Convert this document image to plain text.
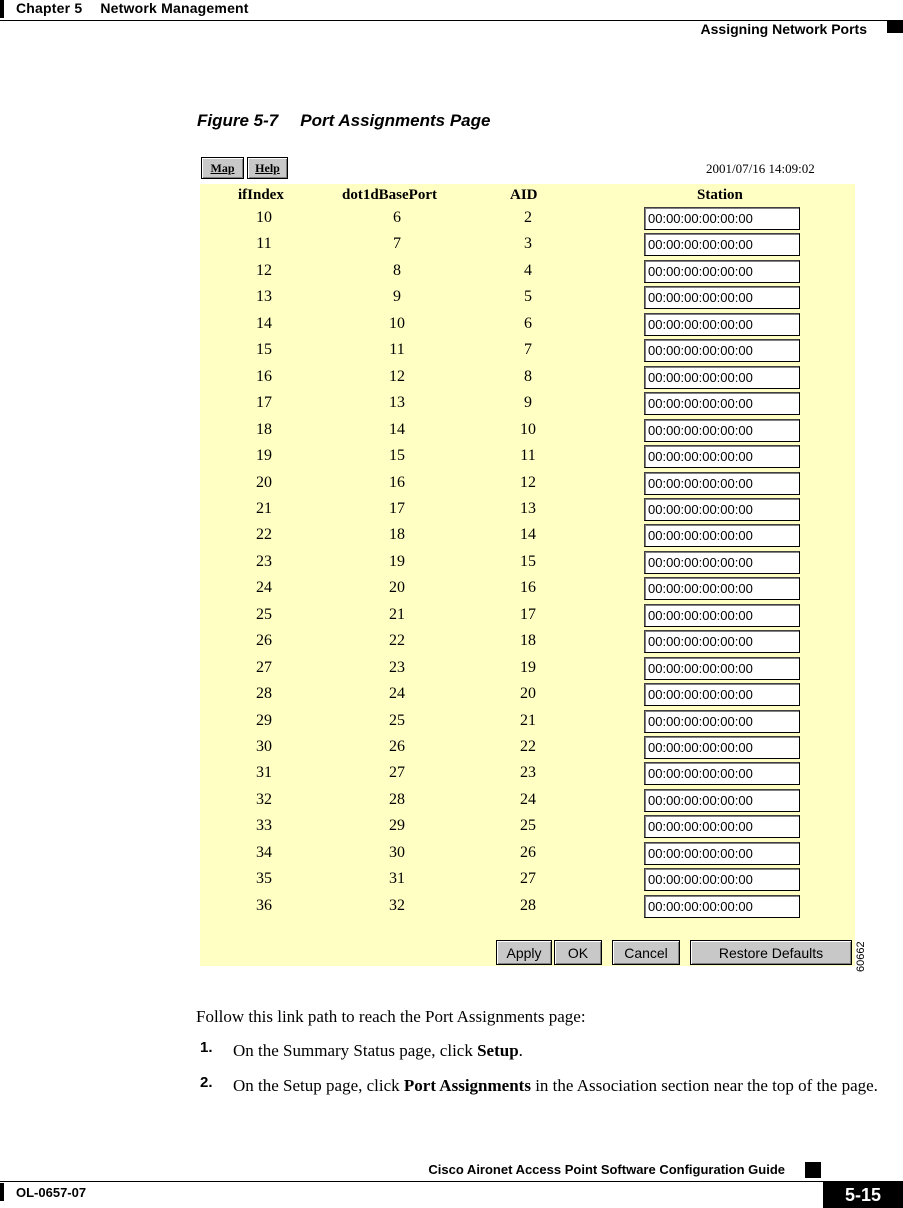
Chapter 5 Network Management
Assigning Network Ports
Figure 5-7 Port Assignments Page
Map	Help	2001/07/16 14:09:02
ifIndex	dot1dBasePort	AID	Station
10	6	2	00:00:00:00:00:00
11	7	3	00:00:00:00:00:00
12	8	4	00:00:00:00:00:00
13	9	5	00:00:00:00:00:00
14	10	6	00:00:00:00:00:00
15	11	7	00:00:00:00:00:00
16	12	8	00:00:00:00:00:00
17	13	9	00:00:00:00:00:00
18	14	10	00:00:00:00:00:00
19	15	11	00:00:00:00:00:00
20	16	12	00:00:00:00:00:00
21	17	13	00:00:00:00:00:00
22	18	14	00:00:00:00:00:00
23	19	15	00:00:00:00:00:00
24	20	16	00:00:00:00:00:00
25	21	17	00:00:00:00:00:00
26	22	18	00:00:00:00:00:00
27	23	19	00:00:00:00:00:00
28	24	20	00:00:00:00:00:00
29	25	21	00:00:00:00:00:00
30	26	22	00:00:00:00:00:00
31	27	23	00:00:00:00:00:00
32	28	24	00:00:00:00:00:00
33	29	25	00:00:00:00:00:00
34	30	26	00:00:00:00:00:00
35	31	27	00:00:00:00:00:00
36	32	28	00:00:00:00:00:00
Apply	OK	Cancel	Restore Defaults	60662
Follow this link path to reach the Port Assignments page:
1. On the Summary Status page, click Setup.
2. On the Setup page, click Port Assignments in the Association section near the top of the page.
Cisco Aironet Access Point Software Configuration Guide
OL-0657-07	5-15
